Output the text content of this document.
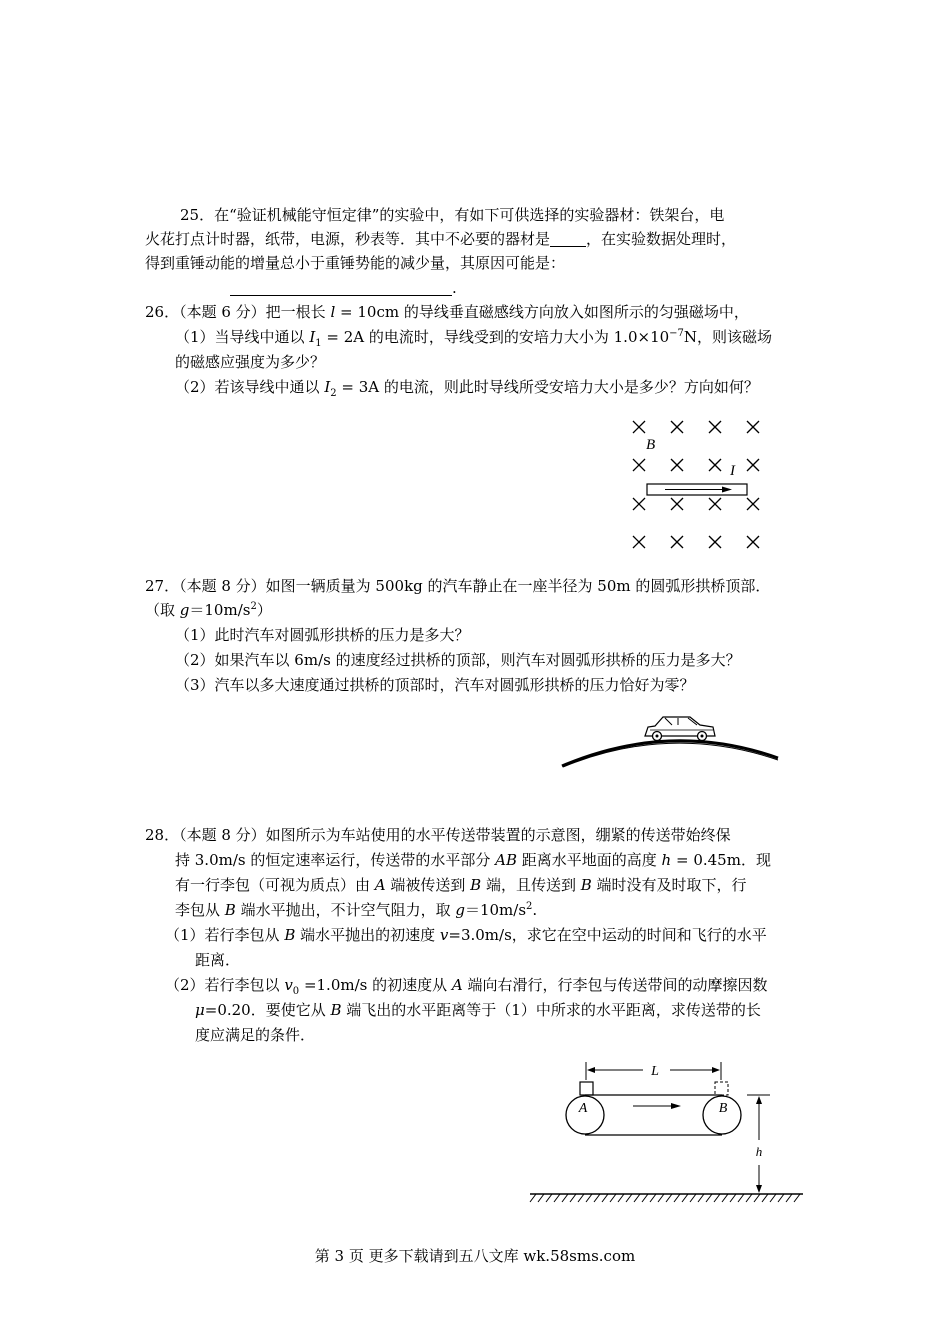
25．在“验证机械能守恒定律”的实验中，有如下可供选择的实验器材：铁架台，电
火花打点计时器，纸带，电源，秒表等．其中不必要的器材是 ，在实验数据处理时，
得到重锤动能的增量总小于重锤势能的减少量，其原因可能是：
.
26．（本题 6 分）把一根长 l = 10cm 的导线垂直磁感线方向放入如图所示的匀强磁场中，
（1）当导线中通以 $I_1 = 2A$ 的电流时，导线受到的安培力大小为 $1.0\times 10^{-7}N$，则该磁场
的磁感应强度为多少？
（2）若该导线中通以 $I_2 = 3A$ 的电流，则此时导线所受安培力大小是多少？方向如何？
B
I
27．（本题 8 分）如图一辆质量为 500kg 的汽车静止在一座半径为 50m 的圆弧形拱桥顶部．
（取 $g=10m/s^2$）
（1）此时汽车对圆弧形拱桥的压力是多大？
（2）如果汽车以 6m/s 的速度经过拱桥的顶部，则汽车对圆弧形拱桥的压力是多大？
（3）汽车以多大速度通过拱桥的顶部时，汽车对圆弧形拱桥的压力恰好为零？
28．（本题 8 分）如图所示为车站使用的水平传送带装置的示意图，绷紧的传送带始终保
持 3.0m/s 的恒定速率运行，传送带的水平部分 AB 距离水平地面的高度 h = 0.45m．现
有一行李包（可视为质点）由 A 端被传送到 B 端，且传送到 B 端时没有及时取下，行
李包从 B 端水平抛出，不计空气阻力，取 $g=10m/s^2$.
（1）若行李包从 B 端水平抛出的初速度 v=3.0m/s，求它在空中运动的时间和飞行的水平
距离．
（2）若行李包以 $v_0 =1.0m/s$ 的初速度从 A 端向右滑行，行李包与传送带间的动摩擦因数
μ=0.20．要使它从 B 端飞出的水平距离等于（1）中所求的水平距离，求传送带的长
度应满足的条件．
L
A	B
h
第 3 页 更多下载请到五八文库 wk.58sms.com
